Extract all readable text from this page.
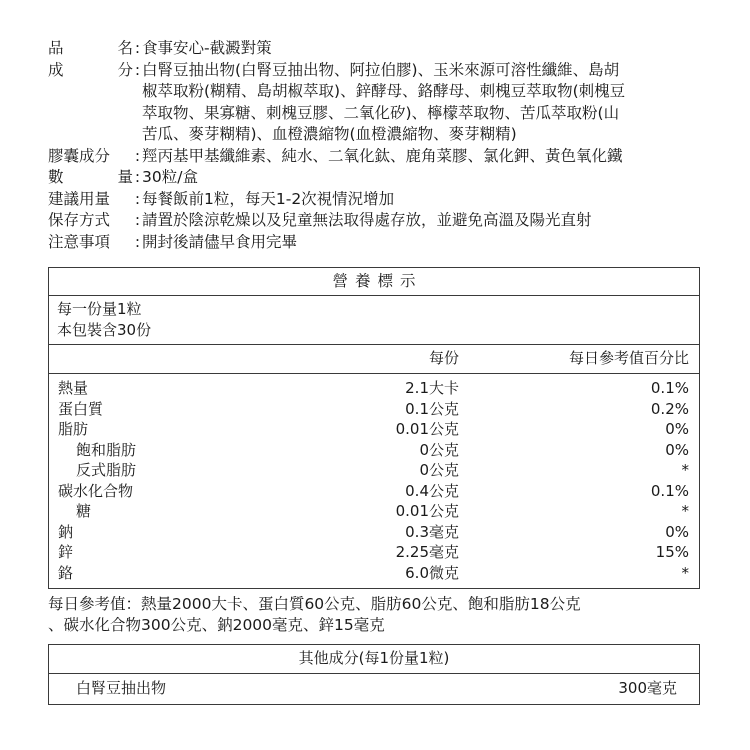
品　　名 : 食事安心-截澱對策
成　　分 : 白腎豆抽出物(白腎豆抽出物、阿拉伯膠)、玉米來源可溶性纖維、島胡
椒萃取粉(糊精、島胡椒萃取)、鋅酵母、鉻酵母、刺槐豆萃取物(刺槐豆
萃取物、果寡糖、刺槐豆膠、二氧化矽)、檸檬萃取物、苦瓜萃取粉(山
苦瓜、麥芽糊精)、血橙濃縮物(血橙濃縮物、麥芽糊精)
膠囊成分	: 羥丙基甲基纖維素、純水、二氧化鈦、鹿角菜膠、氯化鉀、黃色氧化鐵
數　　量 : 30粒/盒
建議用量	: 每餐飯前1粒，每天1-2次視情況增加
保存方式	: 請置於陰涼乾燥以及兒童無法取得處存放，並避免高溫及陽光直射
注意事項	: 開封後請儘早食用完畢
營養標示
每一份量1粒
本包裝含30份
每份	每日參考值百分比
熱量	2.1大卡	0.1%
蛋白質	0.1公克	0.2%
脂肪	0.01公克	0%
飽和脂肪	0公克	0%
反式脂肪	0公克	*
碳水化合物	0.4公克	0.1%
糖	0.01公克	*
鈉	0.3毫克	0%
鋅	2.25毫克	15%
鉻	6.0微克	*
每日參考值：熱量2000大卡、蛋白質60公克、脂肪60公克、飽和脂肪18公克
、碳水化合物300公克、鈉2000毫克、鋅15毫克
其他成分(每1份量1粒)
白腎豆抽出物	300毫克
